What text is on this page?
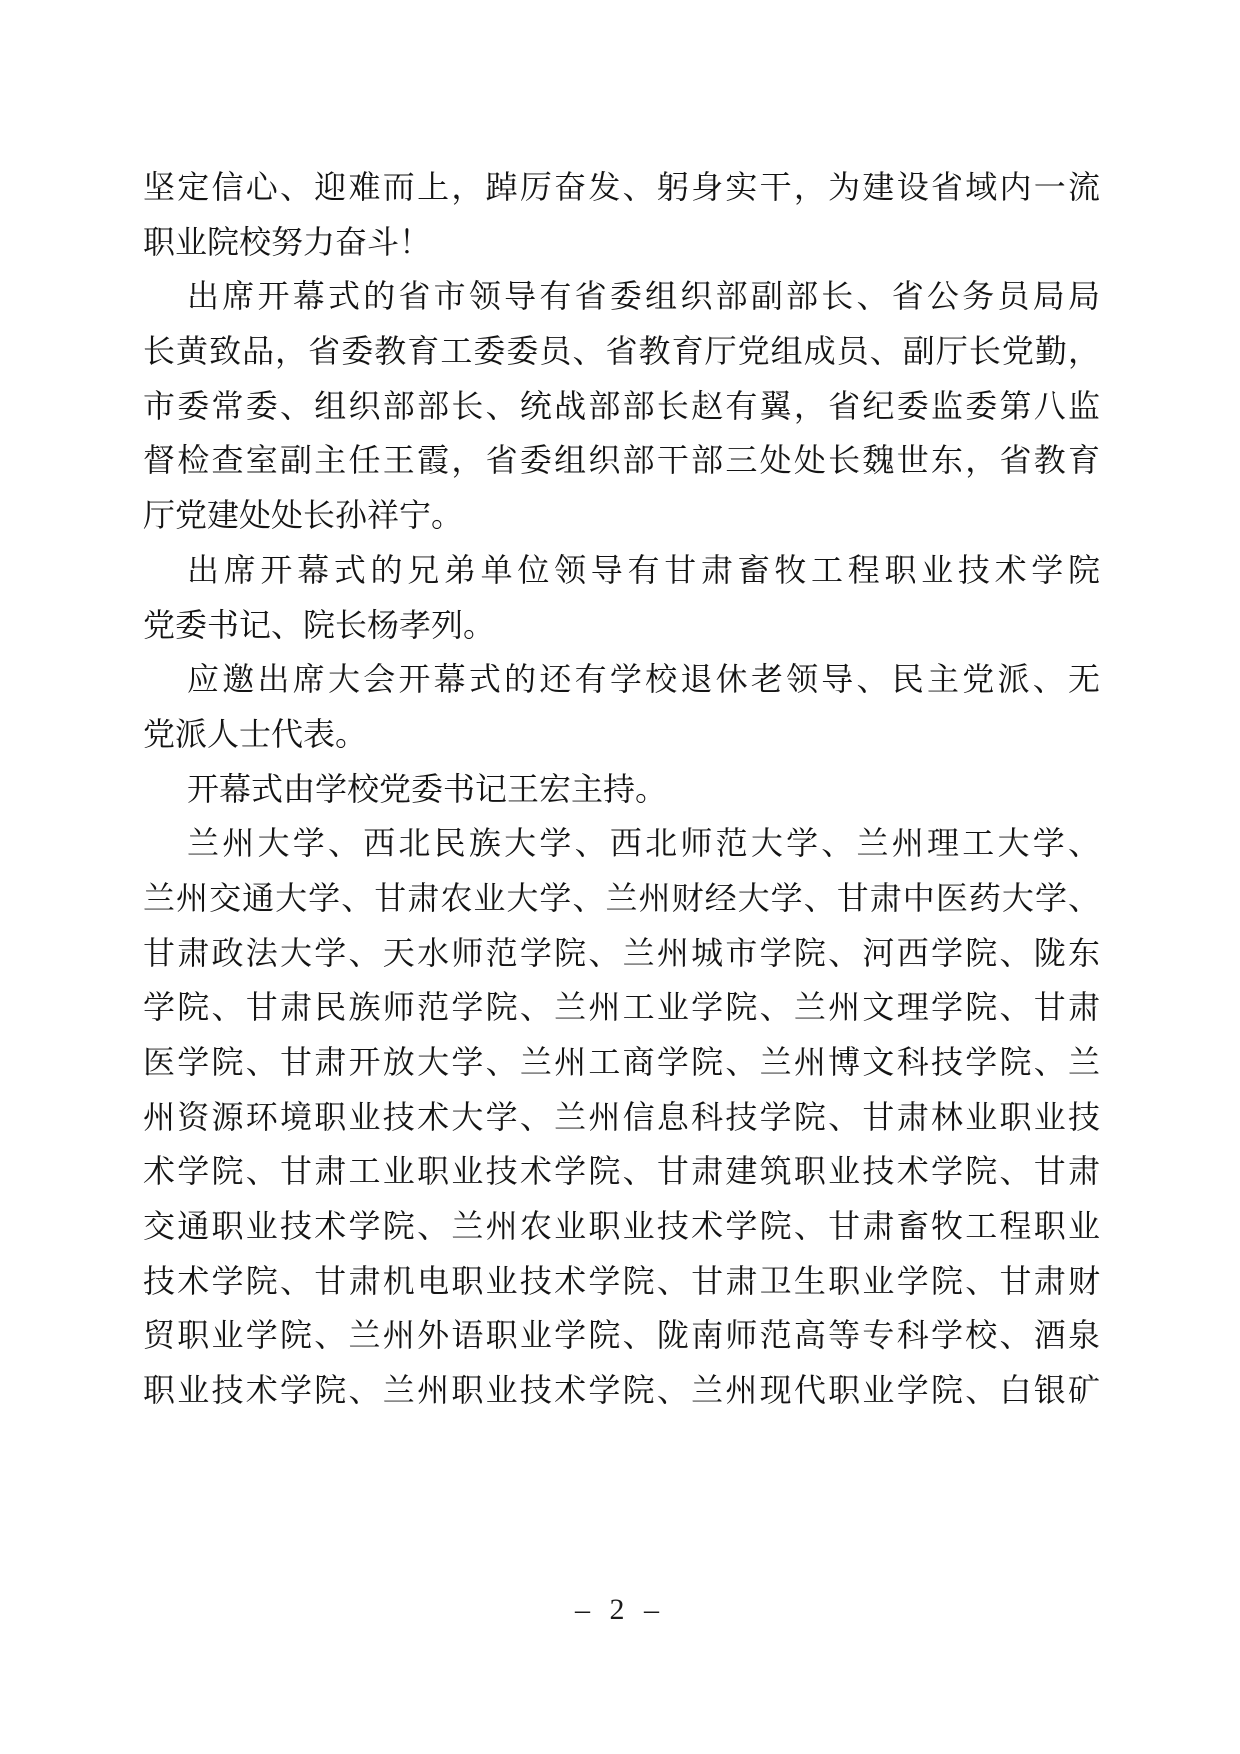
坚定信心、迎难而上，踔厉奋发、躬身实干，为建设省域内一流
职业院校努力奋斗！
出席开幕式的省市领导有省委组织部副部长、省公务员局局
长黄致品，省委教育工委委员、省教育厅党组成员、副厅长党勤，
市委常委、组织部部长、统战部部长赵有翼，省纪委监委第八监
督检查室副主任王霞，省委组织部干部三处处长魏世东，省教育
厅党建处处长孙祥宁。
出席开幕式的兄弟单位领导有甘肃畜牧工程职业技术学院
党委书记、院长杨孝列。
应邀出席大会开幕式的还有学校退休老领导、民主党派、无
党派人士代表。
开幕式由学校党委书记王宏主持。
兰州大学、西北民族大学、西北师范大学、兰州理工大学、
兰州交通大学、甘肃农业大学、兰州财经大学、甘肃中医药大学、
甘肃政法大学、天水师范学院、兰州城市学院、河西学院、陇东
学院、甘肃民族师范学院、兰州工业学院、兰州文理学院、甘肃
医学院、甘肃开放大学、兰州工商学院、兰州博文科技学院、兰
州资源环境职业技术大学、兰州信息科技学院、甘肃林业职业技
术学院、甘肃工业职业技术学院、甘肃建筑职业技术学院、甘肃
交通职业技术学院、兰州农业职业技术学院、甘肃畜牧工程职业
技术学院、甘肃机电职业技术学院、甘肃卫生职业学院、甘肃财
贸职业学院、兰州外语职业学院、陇南师范高等专科学校、酒泉
职业技术学院、兰州职业技术学院、兰州现代职业学院、白银矿
– 2 –
